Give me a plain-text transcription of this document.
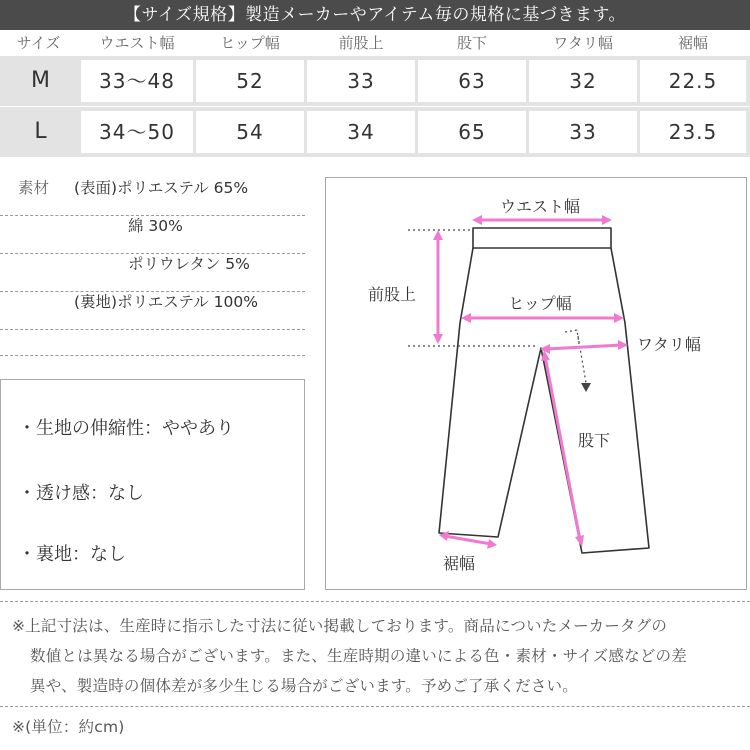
【サイズ規格】製造メーカーやアイテム毎の規格に基づきます。
サイズ	ウエスト幅	ヒップ幅	前股上	股下	ワタリ幅	裾幅
M	33〜48	52	33	63	32	22.5
L	34〜50	54	34	65	33	23.5
素材 (表面)ポリエステル 65%
綿 30%
ポリウレタン 5%
(裏地)ポリエステル 100%
・生地の伸縮性：ややあり
・透け感：なし
・裏地：なし
ウエスト幅
前股上	ヒップ幅
ワタリ幅
股下
裾幅
※上記寸法は、生産時に指示した寸法に従い掲載しております。商品についたメーカータグの
数値とは異なる場合がございます。また、生産時期の違いによる色・素材・サイズ感などの差
異や、製造時の個体差が多少生じる場合がございます。予めご了承ください。
※(単位：約cm)
